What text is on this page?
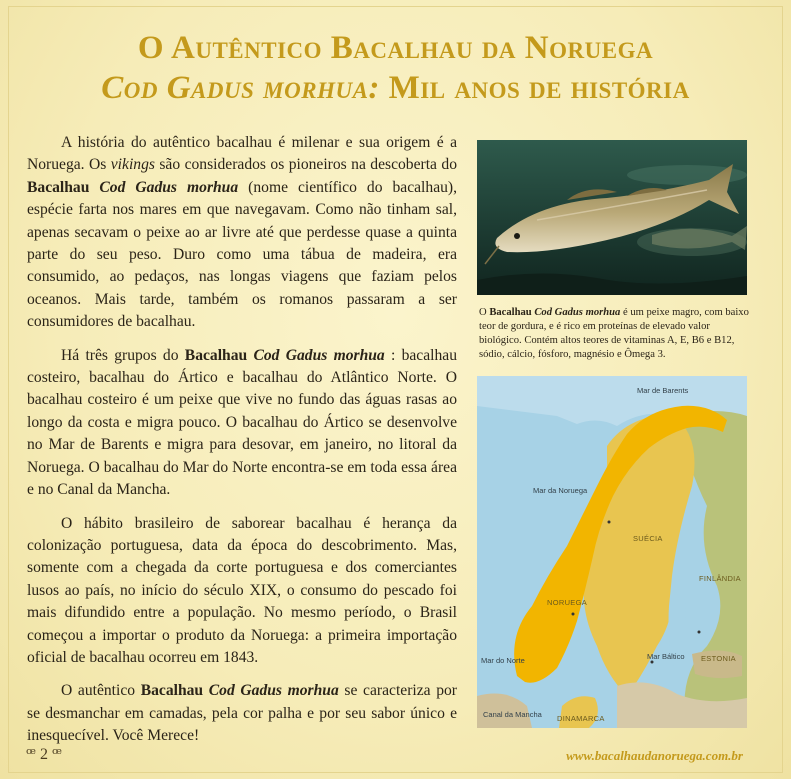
O Autêntico Bacalhau da Noruega
Cod Gadus morhua: Mil anos de história

A história do autêntico bacalhau é milenar e sua origem é a Noruega. Os vikings são considerados os pioneiros na descoberta do Bacalhau Cod Gadus morhua (nome científico do bacalhau), espécie farta nos mares em que navegavam. Como não tinham sal, apenas secavam o peixe ao ar livre até que perdesse quase a quinta parte do seu peso. Duro como uma tábua de madeira, era consumido, ao pedaços, nas longas viagens que faziam pelos oceanos. Mais tarde, também os romanos passaram a ser consumidores de bacalhau.

Há três grupos do Bacalhau Cod Gadus morhua : bacalhau costeiro, bacalhau do Ártico e bacalhau do Atlântico Norte. O bacalhau costeiro é um peixe que vive no fundo das águas rasas ao longo da costa e migra pouco. O bacalhau do Ártico se desenvolve no Mar de Barents e migra para desovar, em janeiro, no litoral da Noruega. O bacalhau do Mar do Norte encontra-se em toda essa área e no Canal da Mancha.

O hábito brasileiro de saborear bacalhau é herança da colonização portuguesa, data da época do descobrimento. Mas, somente com a chegada da corte portuguesa e dos comerciantes lusos ao país, no início do século XIX, o consumo do pescado foi mais difundido entre a população. No mesmo período, o Brasil começou a importar o produto da Noruega: a primeira importação oficial de bacalhau ocorreu em 1843.

O autêntico Bacalhau Cod Gadus morhua se caracteriza por se desmanchar em camadas, pela cor palha e por seu sabor único e inesquecível. Você Merece!

O Bacalhau Cod Gadus morhua é um peixe magro, com baixo teor de gordura, e é rico em proteínas de elevado valor biológico. Contém altos teores de vitaminas A, E, B6 e B12, sódio, cálcio, fósforo, magnésio e Ômega 3.
Mar de Barents
Mar da Noruega
NORUEGA
SUÉCIA
FINLÂNDIA
Mar do Norte	Mar Báltico ESTONIA
DINAMARCA
Canal da Mancha
ꟹ 2 ꟹ	www.bacalhaudanoruega.com.br
